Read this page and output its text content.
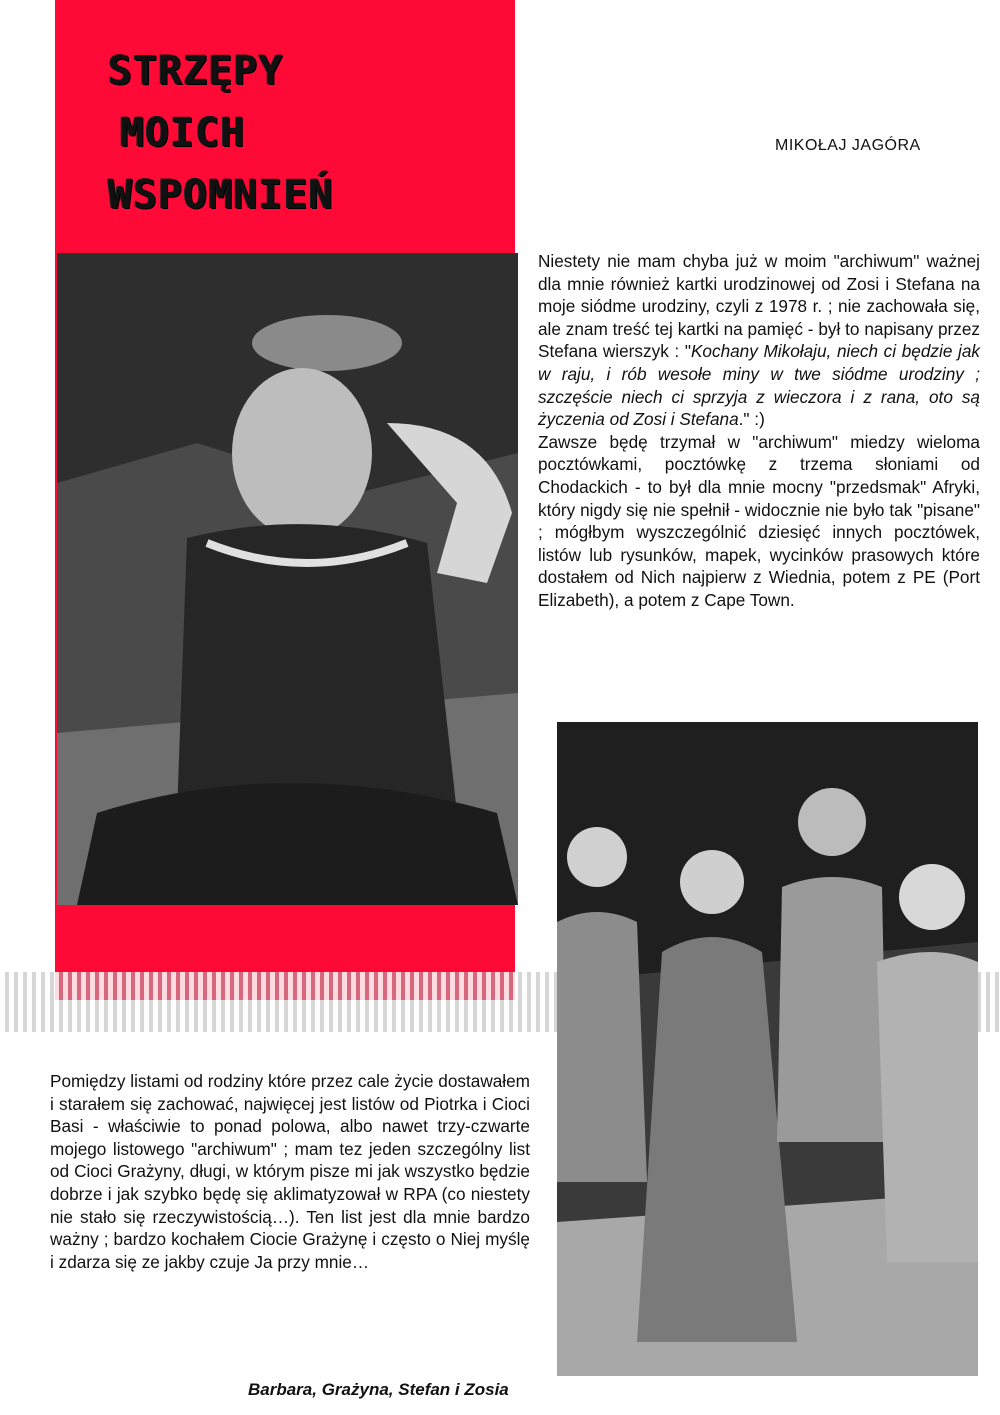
STRZĘPY
MOICH
WSPOMNIEŃ
MIKOŁAJ JAGÓRA

Niestety nie mam chyba już w moim "archiwum" ważnej dla mnie również kartki urodzinowej od Zosi i Stefana na moje siódme urodziny, czyli z 1978 r. ; nie zachowała się, ale znam treść tej kartki na pamięć - był to napisany przez Stefana wierszyk : "Kochany Mikołaju, niech ci będzie jak w raju, i rób wesołe miny w twe siódme urodziny ; szczęście niech ci sprzyja z wieczora i z rana, oto są życzenia od Zosi i Stefana." :)

Zawsze będę trzymał w "archiwum" miedzy wieloma pocztówkami, pocztówkę z trzema słoniami od Chodackich - to był dla mnie mocny "przedsmak" Afryki, który nigdy się nie spełnił - widocznie nie było tak "pisane" ; mógłbym wyszczególnić dziesięć innych pocztówek, listów lub rysunków, mapek, wycinków prasowych które dostałem od Nich najpierw z Wiednia, potem z PE (Port Elizabeth), a potem z Cape Town.

Pomiędzy listami od rodziny które przez cale życie dostawałem i starałem się zachować, najwięcej jest listów od Piotrka i Cioci Basi - właściwie to ponad polowa, albo nawet trzy-czwarte mojego listowego "archiwum" ; mam tez jeden szczególny list od Cioci Grażyny, długi, w którym pisze mi jak wszystko będzie dobrze i jak szybko będę się aklimatyzował w RPA (co niestety nie stało się rzeczywistością…). Ten list jest dla mnie bardzo ważny ; bardzo kochałem Ciocie Grażynę i często o Niej myślę i zdarza się ze jakby czuje Ja przy mnie…

Barbara, Grażyna, Stefan i Zosia
